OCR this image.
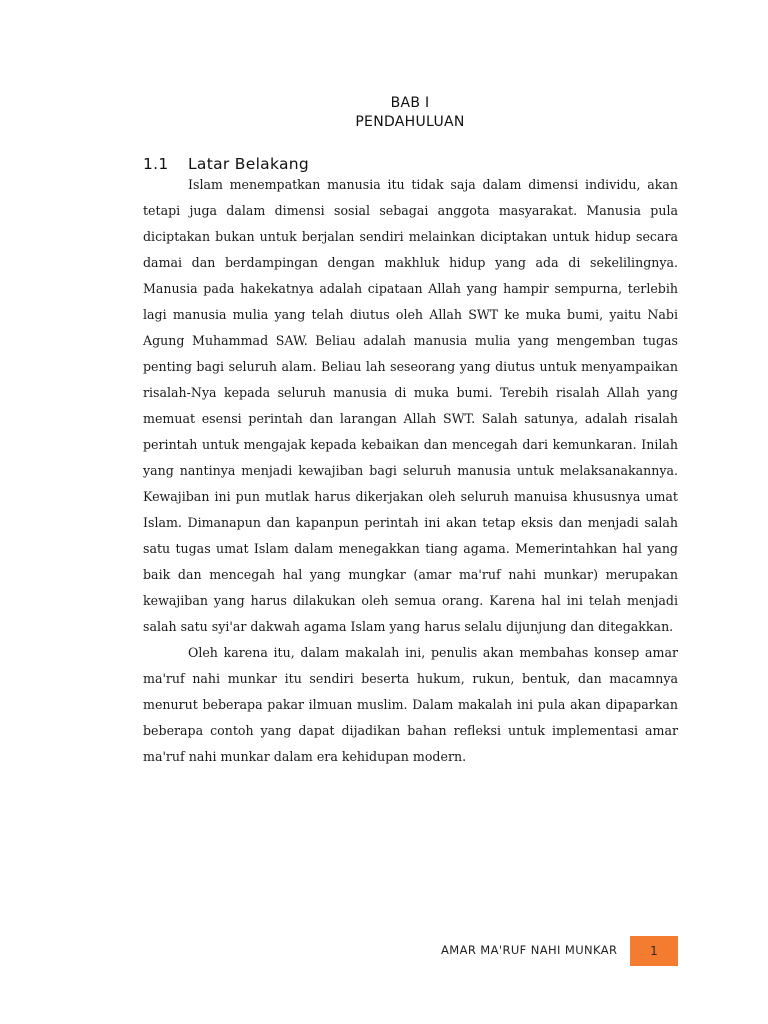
BAB I
PENDAHULUAN
1.1 Latar Belakang

Islam menempatkan manusia itu tidak saja dalam dimensi individu, akan tetapi juga dalam dimensi sosial sebagai anggota masyarakat. Manusia pula diciptakan bukan untuk berjalan sendiri melainkan diciptakan untuk hidup secara damai dan berdampingan dengan makhluk hidup yang ada di sekelilingnya. Manusia pada hakekatnya adalah cipataan Allah yang hampir sempurna, terlebih lagi manusia mulia yang telah diutus oleh Allah SWT ke muka bumi, yaitu Nabi Agung Muhammad SAW. Beliau adalah manusia mulia yang mengemban tugas penting bagi seluruh alam. Beliau lah seseorang yang diutus untuk menyampaikan risalah-Nya kepada seluruh manusia di muka bumi. Terebih risalah Allah yang memuat esensi perintah dan larangan Allah SWT. Salah satunya, adalah risalah perintah untuk mengajak kepada kebaikan dan mencegah dari kemunkaran. Inilah yang nantinya menjadi kewajiban bagi seluruh manusia untuk melaksanakannya. Kewajiban ini pun mutlak harus dikerjakan oleh seluruh manuisa khususnya umat Islam. Dimanapun dan kapanpun perintah ini akan tetap eksis dan menjadi salah satu tugas umat Islam dalam menegakkan tiang agama. Memerintahkan hal yang baik dan mencegah hal yang mungkar (amar ma'ruf nahi munkar) merupakan kewajiban yang harus dilakukan oleh semua orang. Karena hal ini telah menjadi salah satu syi'ar dakwah agama Islam yang harus selalu dijunjung dan ditegakkan.

Oleh karena itu, dalam makalah ini, penulis akan membahas konsep amar ma'ruf nahi munkar itu sendiri beserta hukum, rukun, bentuk, dan macamnya menurut beberapa pakar ilmuan muslim. Dalam makalah ini pula akan dipaparkan beberapa contoh yang dapat dijadikan bahan refleksi untuk implementasi amar ma'ruf nahi munkar dalam era kehidupan modern.

AMAR MA'RUF NAHI MUNKAR	1
